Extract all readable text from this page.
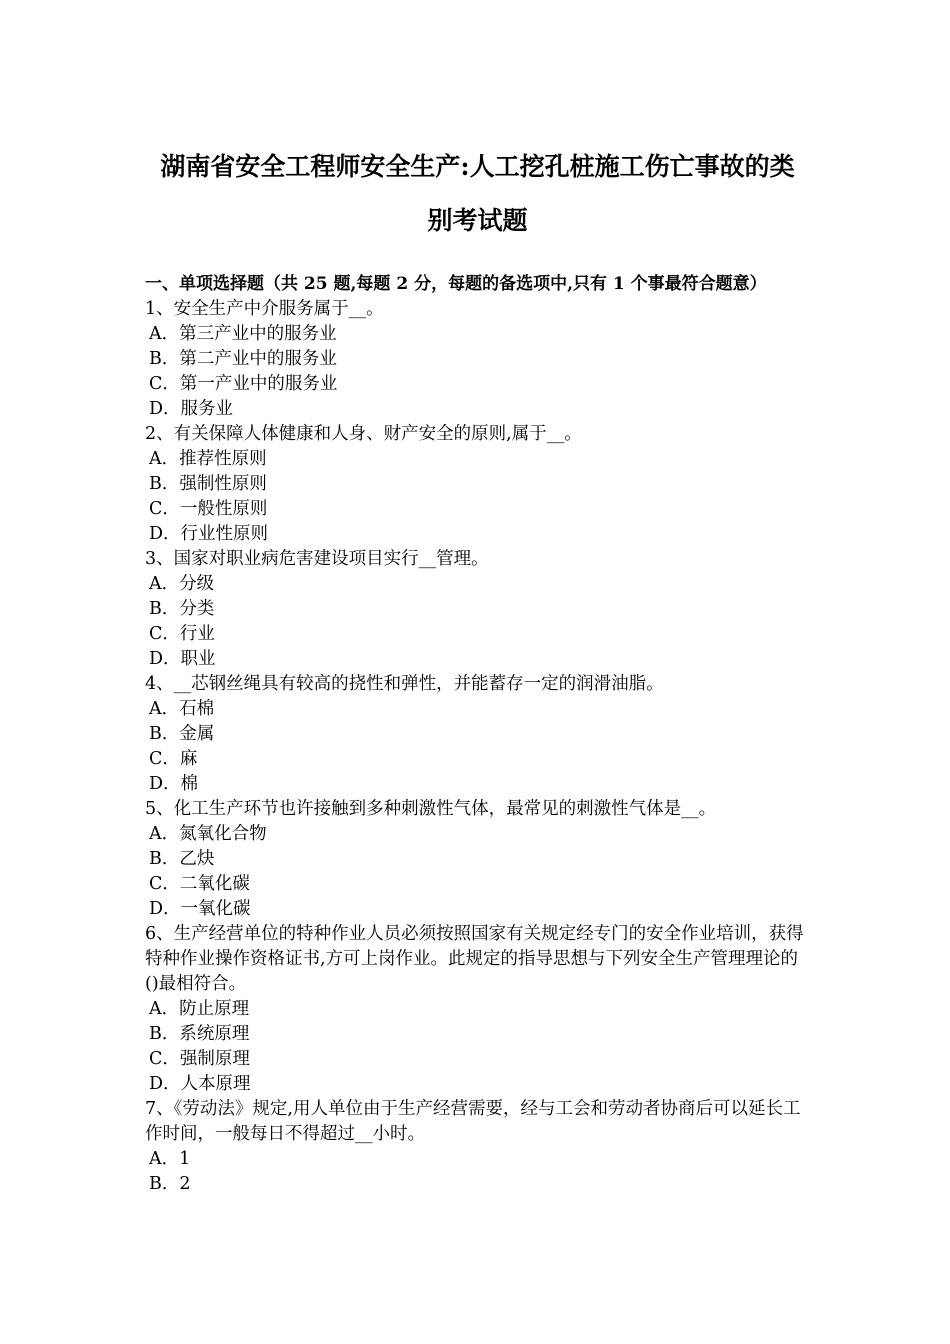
湖南省安全工程师安全生产:人工挖孔桩施工伤亡事故的类
别考试题
一、单项选择题（共 25 题,每题 2 分，每题的备选项中,只有 1 个事最符合题意）
1、安全生产中介服务属于__。
A．第三产业中的服务业
B．第二产业中的服务业
C．第一产业中的服务业
D．服务业
2、有关保障人体健康和人身、财产安全的原则,属于__。
A．推荐性原则
B．强制性原则
C．一般性原则
D．行业性原则
3、国家对职业病危害建设项目实行__管理。
A．分级
B．分类
C．行业
D．职业
4、__芯钢丝绳具有较高的挠性和弹性，并能蓄存一定的润滑油脂。
A．石棉
B．金属
C．麻
D．棉
5、化工生产环节也许接触到多种刺激性气体，最常见的刺激性气体是__。
A．氮氧化合物
B．乙炔
C．二氧化碳
D．一氧化碳
6、生产经营单位的特种作业人员必须按照国家有关规定经专门的安全作业培训，获得特种作业操作资格证书,方可上岗作业。此规定的指导思想与下列安全生产管理理论的()最相符合。
A．防止原理
B．系统原理
C．强制原理
D．人本原理
7、《劳动法》规定,用人单位由于生产经营需要，经与工会和劳动者协商后可以延长工作时间，一般每日不得超过__小时。
A．1
B．2
